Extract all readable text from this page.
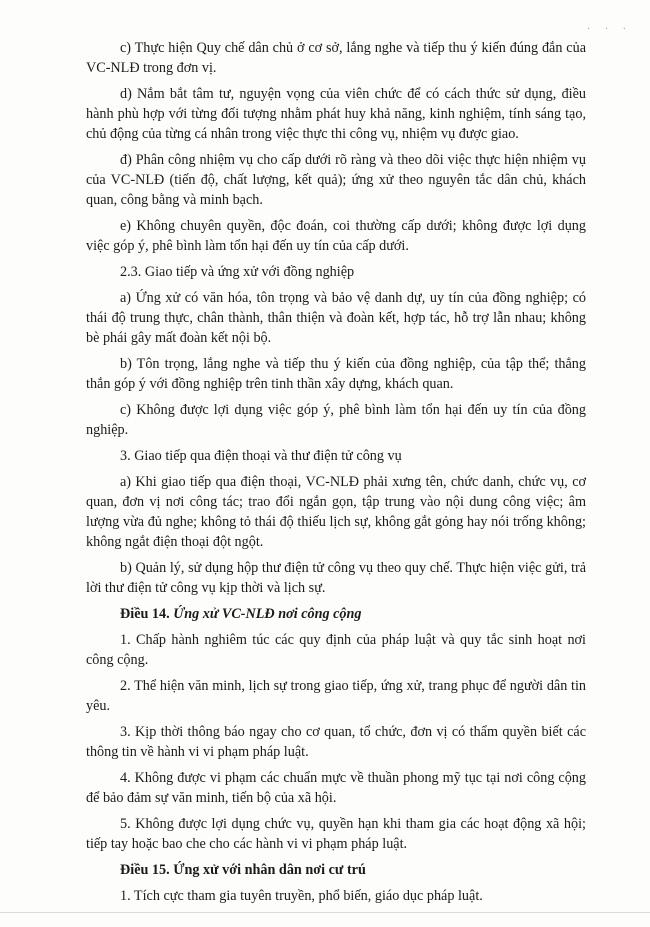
· · ·

c) Thực hiện Quy chế dân chủ ở cơ sở, lắng nghe và tiếp thu ý kiến đúng đắn của VC-NLĐ trong đơn vị.

d) Nắm bắt tâm tư, nguyện vọng của viên chức để có cách thức sử dụng, điều hành phù hợp với từng đối tượng nhằm phát huy khả năng, kinh nghiệm, tính sáng tạo, chủ động của từng cá nhân trong việc thực thi công vụ, nhiệm vụ được giao.

đ) Phân công nhiệm vụ cho cấp dưới rõ ràng và theo dõi việc thực hiện nhiệm vụ của VC-NLĐ (tiến độ, chất lượng, kết quả); ứng xử theo nguyên tắc dân chủ, khách quan, công bằng và minh bạch.

e) Không chuyên quyền, độc đoán, coi thường cấp dưới; không được lợi dụng việc góp ý, phê bình làm tổn hại đến uy tín của cấp dưới.

2.3. Giao tiếp và ứng xử với đồng nghiệp

a) Ứng xử có văn hóa, tôn trọng và bảo vệ danh dự, uy tín của đồng nghiệp; có thái độ trung thực, chân thành, thân thiện và đoàn kết, hợp tác, hỗ trợ lẫn nhau; không bè phái gây mất đoàn kết nội bộ.

b) Tôn trọng, lắng nghe và tiếp thu ý kiến của đồng nghiệp, của tập thể; thẳng thắn góp ý với đồng nghiệp trên tinh thần xây dựng, khách quan.

c) Không được lợi dụng việc góp ý, phê bình làm tổn hại đến uy tín của đồng nghiệp.

3. Giao tiếp qua điện thoại và thư điện tử công vụ

a) Khi giao tiếp qua điện thoại, VC-NLĐ phải xưng tên, chức danh, chức vụ, cơ quan, đơn vị nơi công tác; trao đổi ngắn gọn, tập trung vào nội dung công việc; âm lượng vừa đủ nghe; không tỏ thái độ thiếu lịch sự, không gắt gỏng hay nói trống không; không ngắt điện thoại đột ngột.

b) Quản lý, sử dụng hộp thư điện tử công vụ theo quy chế. Thực hiện việc gửi, trả lời thư điện tử công vụ kịp thời và lịch sự.

Điều 14. Ứng xử VC-NLĐ nơi công cộng

1. Chấp hành nghiêm túc các quy định của pháp luật và quy tắc sinh hoạt nơi công cộng.

2. Thể hiện văn minh, lịch sự trong giao tiếp, ứng xử, trang phục để người dân tin yêu.

3. Kịp thời thông báo ngay cho cơ quan, tổ chức, đơn vị có thẩm quyền biết các thông tin về hành vi vi phạm pháp luật.

4. Không được vi phạm các chuẩn mực về thuần phong mỹ tục tại nơi công cộng để bảo đảm sự văn minh, tiến bộ của xã hội.

5. Không được lợi dụng chức vụ, quyền hạn khi tham gia các hoạt động xã hội; tiếp tay hoặc bao che cho các hành vi vi phạm pháp luật.

Điều 15. Ứng xử với nhân dân nơi cư trú

1. Tích cực tham gia tuyên truyền, phổ biến, giáo dục pháp luật.
